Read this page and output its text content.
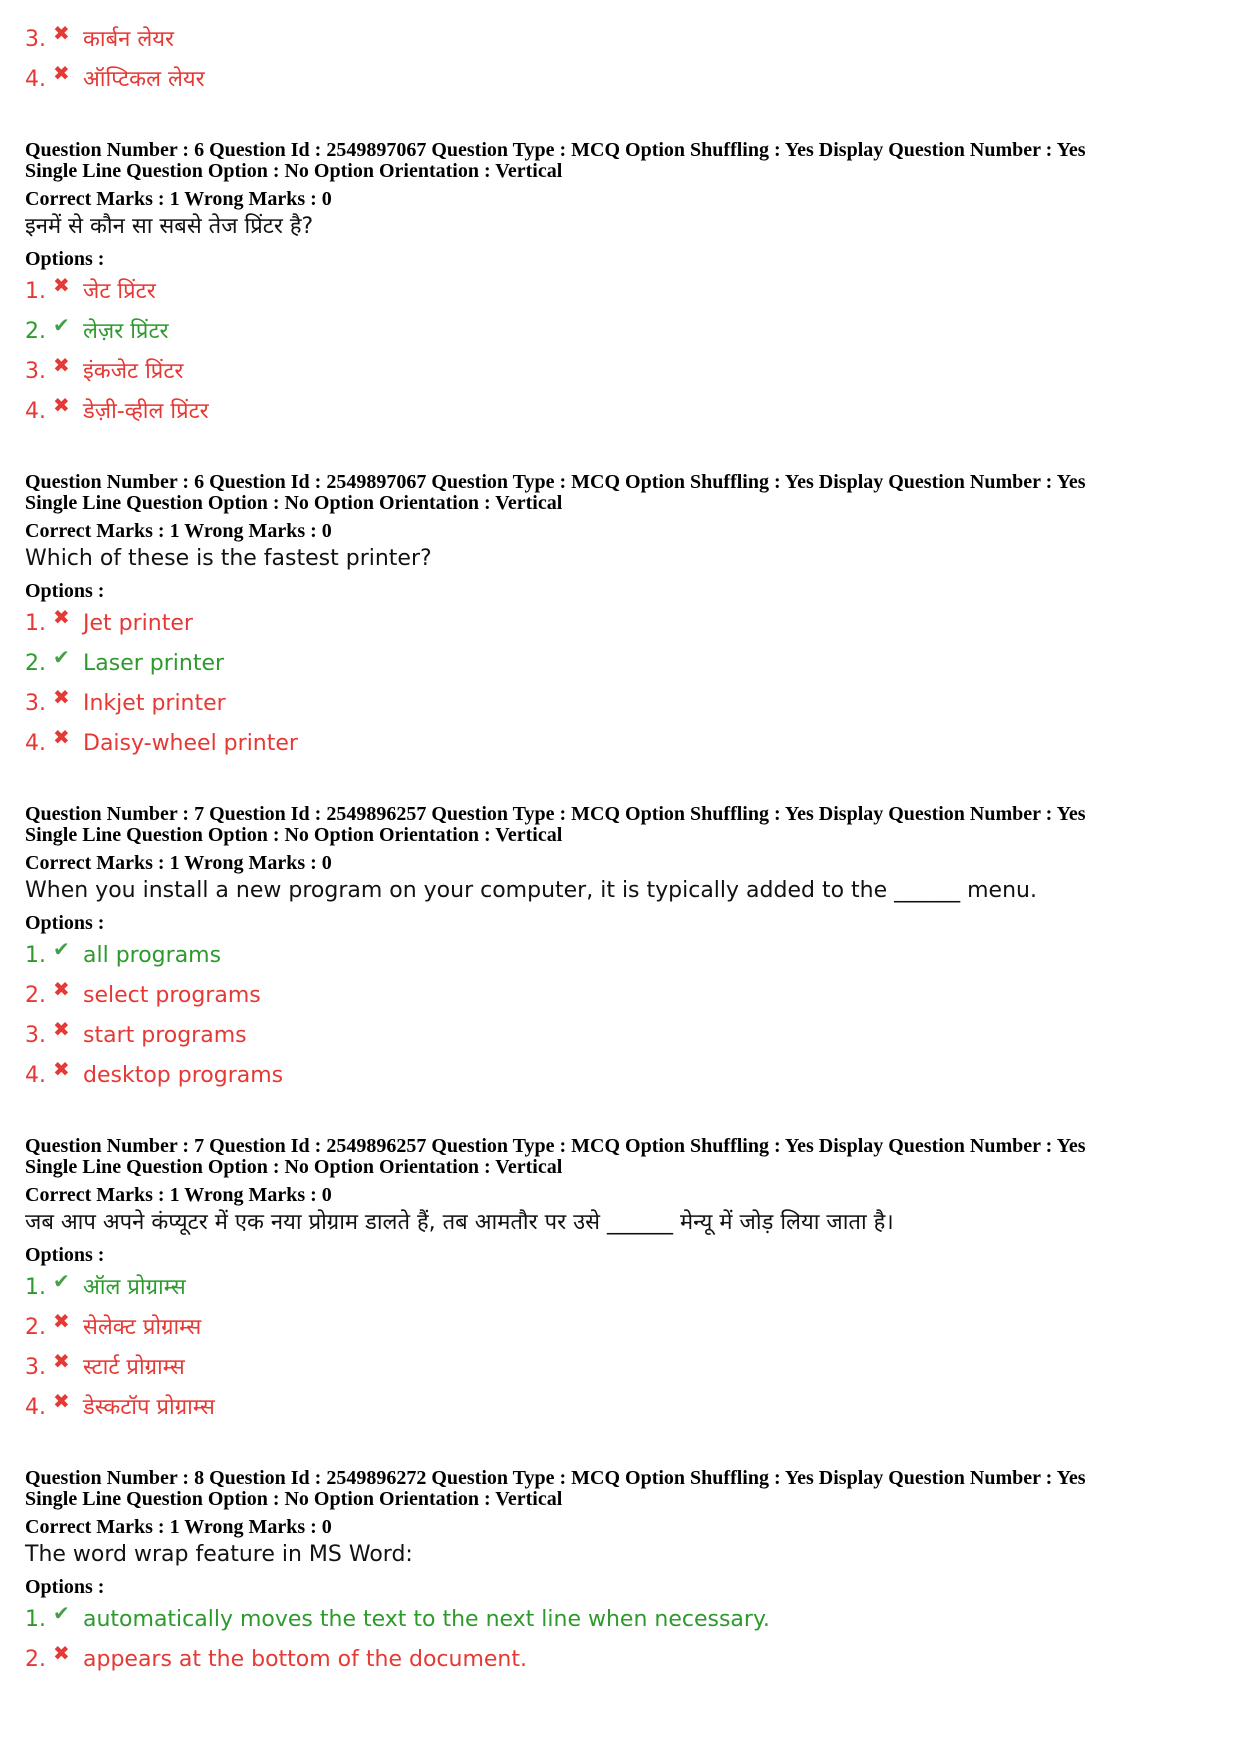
3. ✖ कार्बन लेयर
4. ✖ ऑप्टिकल लेयर
Question Number : 6 Question Id : 2549897067 Question Type : MCQ Option Shuffling : Yes Display Question Number : Yes
Single Line Question Option : No Option Orientation : Vertical
Correct Marks : 1 Wrong Marks : 0
इनमें से कौन सा सबसे तेज प्रिंटर है?
Options :
1. ✖ जेट प्रिंटर
2. ✔ लेज़र प्रिंटर
3. ✖ इंकजेट प्रिंटर
4. ✖ डेज़ी-व्हील प्रिंटर
Question Number : 6 Question Id : 2549897067 Question Type : MCQ Option Shuffling : Yes Display Question Number : Yes
Single Line Question Option : No Option Orientation : Vertical
Correct Marks : 1 Wrong Marks : 0
Which of these is the fastest printer?
Options :
1. ✖ Jet printer
2. ✔ Laser printer
3. ✖ Inkjet printer
4. ✖ Daisy-wheel printer
Question Number : 7 Question Id : 2549896257 Question Type : MCQ Option Shuffling : Yes Display Question Number : Yes
Single Line Question Option : No Option Orientation : Vertical
Correct Marks : 1 Wrong Marks : 0
When you install a new program on your computer, it is typically added to the ______ menu.
Options :
1. ✔ all programs
2. ✖ select programs
3. ✖ start programs
4. ✖ desktop programs
Question Number : 7 Question Id : 2549896257 Question Type : MCQ Option Shuffling : Yes Display Question Number : Yes
Single Line Question Option : No Option Orientation : Vertical
Correct Marks : 1 Wrong Marks : 0
जब आप अपने कंप्यूटर में एक नया प्रोग्राम डालते हैं, तब आमतौर पर उसे ______ मेन्यू में जोड़ लिया जाता है।
Options :
1. ✔ ऑल प्रोग्राम्स
2. ✖ सेलेक्ट प्रोग्राम्स
3. ✖ स्टार्ट प्रोग्राम्स
4. ✖ डेस्कटॉप प्रोग्राम्स
Question Number : 8 Question Id : 2549896272 Question Type : MCQ Option Shuffling : Yes Display Question Number : Yes
Single Line Question Option : No Option Orientation : Vertical
Correct Marks : 1 Wrong Marks : 0
The word wrap feature in MS Word:
Options :
1. ✔ automatically moves the text to the next line when necessary.
2. ✖ appears at the bottom of the document.
